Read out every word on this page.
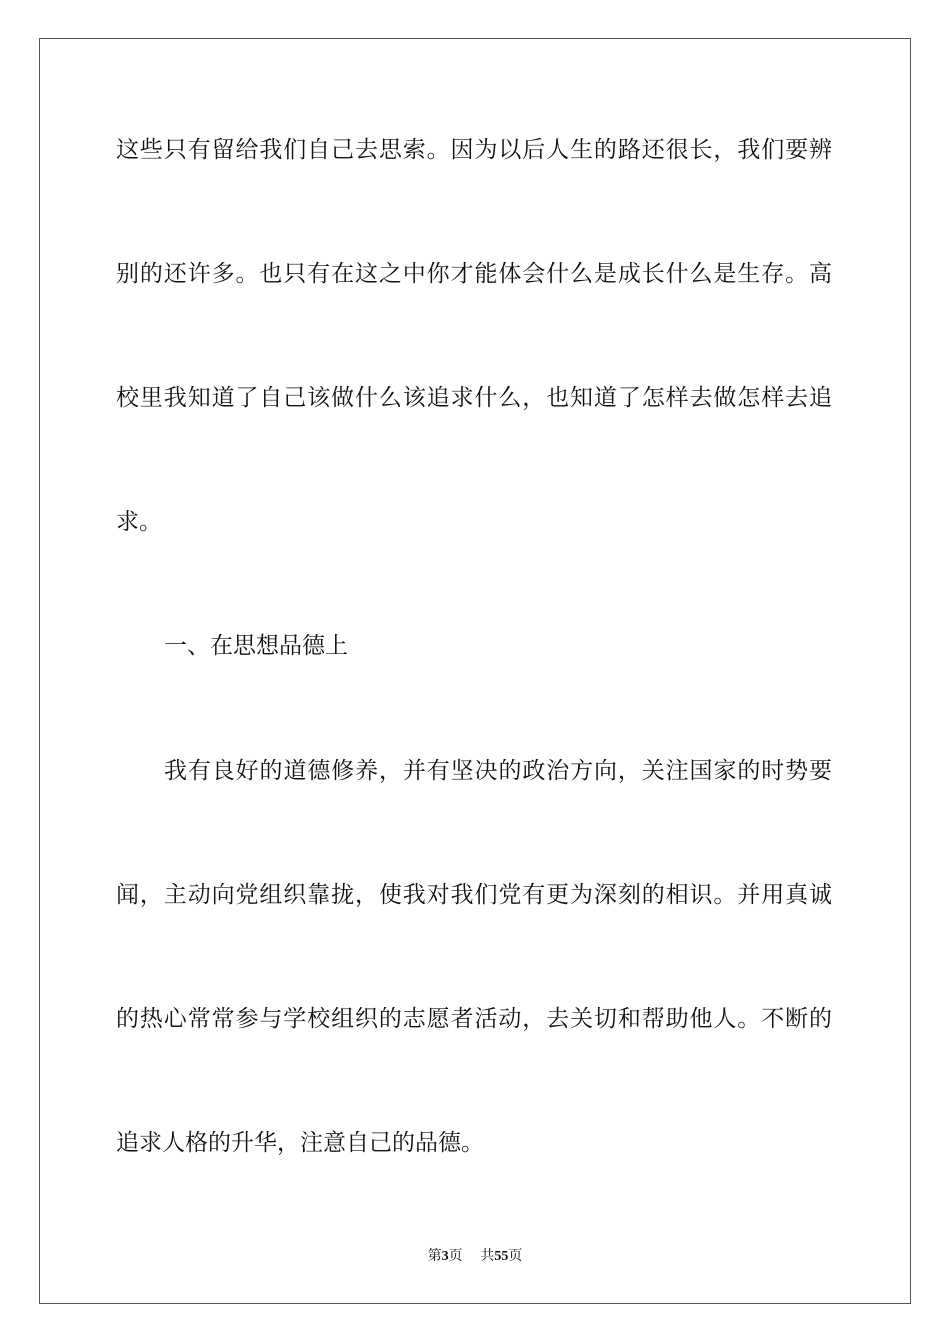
这些只有留给我们自己去思索。因为以后人生的路还很长，我们要辨
别的还许多。也只有在这之中你才能体会什么是成长什么是生存。高
校里我知道了自己该做什么该追求什么，也知道了怎样去做怎样去追
求。
一、在思想品德上
我有良好的道德修养，并有坚决的政治方向，关注国家的时势要
闻，主动向党组织靠拢，使我对我们党有更为深刻的相识。并用真诚
的热心常常参与学校组织的志愿者活动，去关切和帮助他人。不断的
追求人格的升华，注意自己的品德。
第3页 共55页
